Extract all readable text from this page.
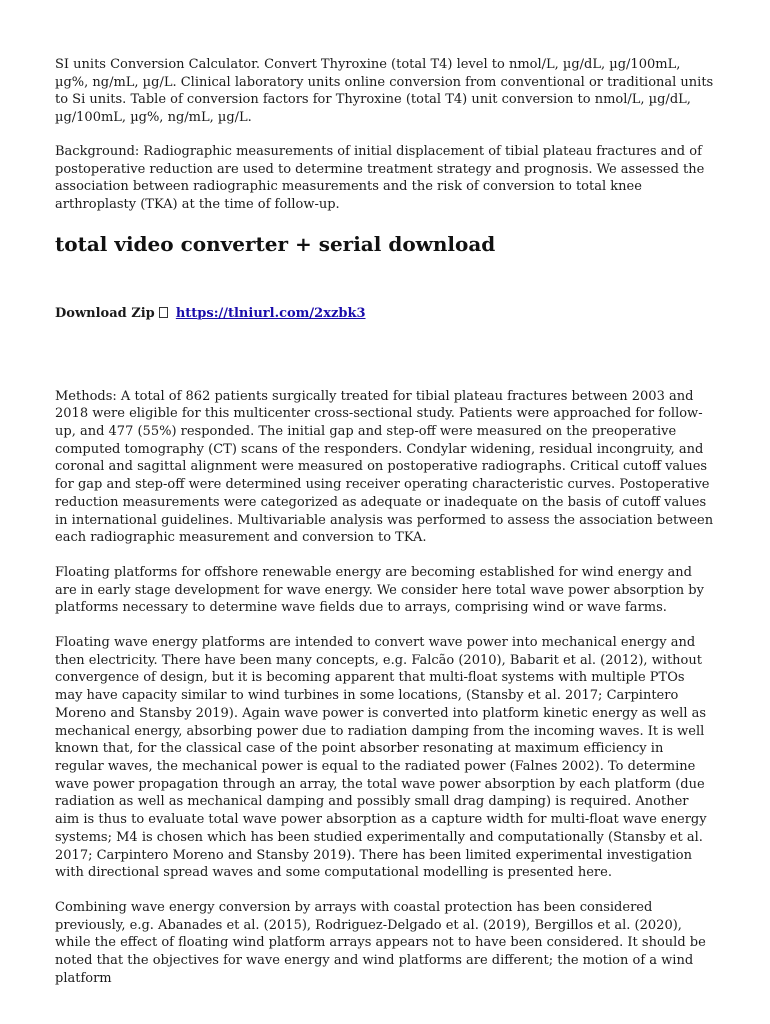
SI units Conversion Calculator. Convert Thyroxine (total T4) level to nmol/L, µg/dL, µg/100mL, µg%, ng/mL, µg/L. Clinical laboratory units online conversion from conventional or traditional units to Si units. Table of conversion factors for Thyroxine (total T4) unit conversion to nmol/L, µg/dL, µg/100mL, µg%, ng/mL, µg/L.

Background: Radiographic measurements of initial displacement of tibial plateau fractures and of postoperative reduction are used to determine treatment strategy and prognosis. We assessed the association between radiographic measurements and the risk of conversion to total knee arthroplasty (TKA) at the time of follow-up.

total video converter + serial download
Download Zip https://tlniurl.com/2xzbk3

Methods: A total of 862 patients surgically treated for tibial plateau fractures between 2003 and 2018 were eligible for this multicenter cross-sectional study. Patients were approached for follow-up, and 477 (55%) responded. The initial gap and step-off were measured on the preoperative computed tomography (CT) scans of the responders. Condylar widening, residual incongruity, and coronal and sagittal alignment were measured on postoperative radiographs. Critical cutoff values for gap and step-off were determined using receiver operating characteristic curves. Postoperative reduction measurements were categorized as adequate or inadequate on the basis of cutoff values in international guidelines. Multivariable analysis was performed to assess the association between each radiographic measurement and conversion to TKA.

Floating platforms for offshore renewable energy are becoming established for wind energy and are in early stage development for wave energy. We consider here total wave power absorption by platforms necessary to determine wave fields due to arrays, comprising wind or wave farms.

Floating wave energy platforms are intended to convert wave power into mechanical energy and then electricity. There have been many concepts, e.g. Falcão (2010), Babarit et al. (2012), without convergence of design, but it is becoming apparent that multi-float systems with multiple PTOs may have capacity similar to wind turbines in some locations, (Stansby et al. 2017; Carpintero Moreno and Stansby 2019). Again wave power is converted into platform kinetic energy as well as mechanical energy, absorbing power due to radiation damping from the incoming waves. It is well known that, for the classical case of the point absorber resonating at maximum efficiency in regular waves, the mechanical power is equal to the radiated power (Falnes 2002). To determine wave power propagation through an array, the total wave power absorption by each platform (due radiation as well as mechanical damping and possibly small drag damping) is required. Another aim is thus to evaluate total wave power absorption as a capture width for multi-float wave energy systems; M4 is chosen which has been studied experimentally and computationally (Stansby et al. 2017; Carpintero Moreno and Stansby 2019). There has been limited experimental investigation with directional spread waves and some computational modelling is presented here.

Combining wave energy conversion by arrays with coastal protection has been considered previously, e.g. Abanades et al. (2015), Rodriguez-Delgado et al. (2019), Bergillos et al. (2020), while the effect of floating wind platform arrays appears not to have been considered. It should be noted that the objectives for wave energy and wind platforms are different; the motion of a wind platform
